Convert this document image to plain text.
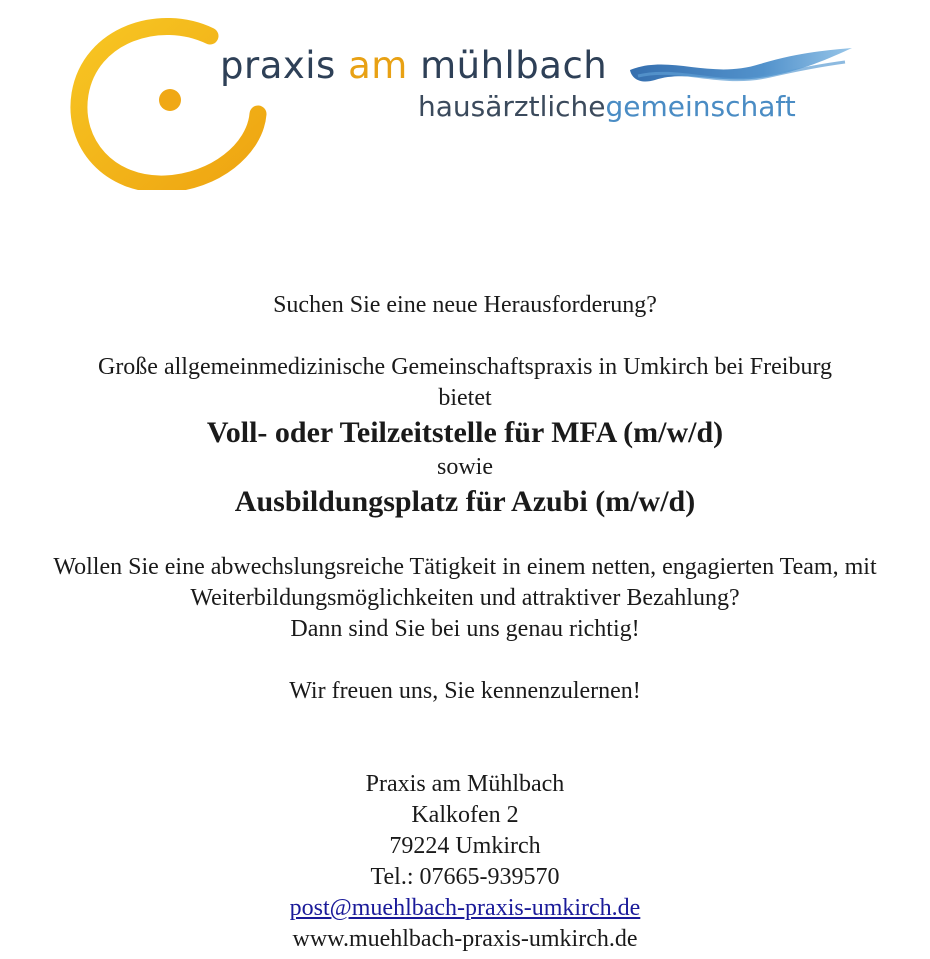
praxis am mühlbach
hausärztlichegemeinschaft

Suchen Sie eine neue Herausforderung?

Große allgemeinmedizinische Gemeinschaftspraxis in Umkirch bei Freiburg

bietet

Voll- oder Teilzeitstelle für MFA (m/w/d)

sowie

Ausbildungsplatz für Azubi (m/w/d)

Wollen Sie eine abwechslungsreiche Tätigkeit in einem netten, engagierten Team, mit

Weiterbildungsmöglichkeiten und attraktiver Bezahlung?

Dann sind Sie bei uns genau richtig!

Wir freuen uns, Sie kennenzulernen!

Praxis am Mühlbach

Kalkofen 2

79224 Umkirch

Tel.: 07665-939570

post@muehlbach-praxis-umkirch.de

www.muehlbach-praxis-umkirch.de
